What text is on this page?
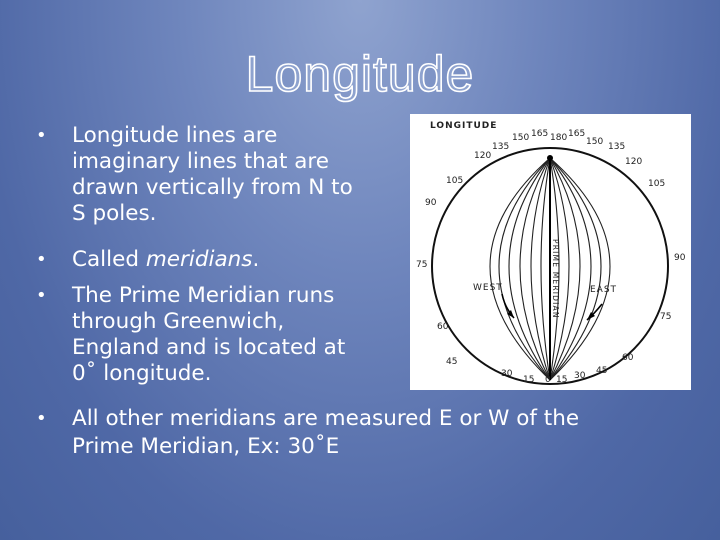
Longitude
•	Longitude lines are
imaginary lines that are
drawn vertically from N to
S poles.
•	Called meridians.
•	The Prime Meridian runs
through Greenwich,
England and is located at
0˚ longitude.
•	All other meridians are measured E or W of the
Prime Meridian, Ex: 30˚E
LONGITUDE
150 165 180 165
150
135
120
105
90
75
60
45
30
135
120
105
90
75
60
45
30
15 0 15
WEST	EAST
PRIME MERIDIAN
